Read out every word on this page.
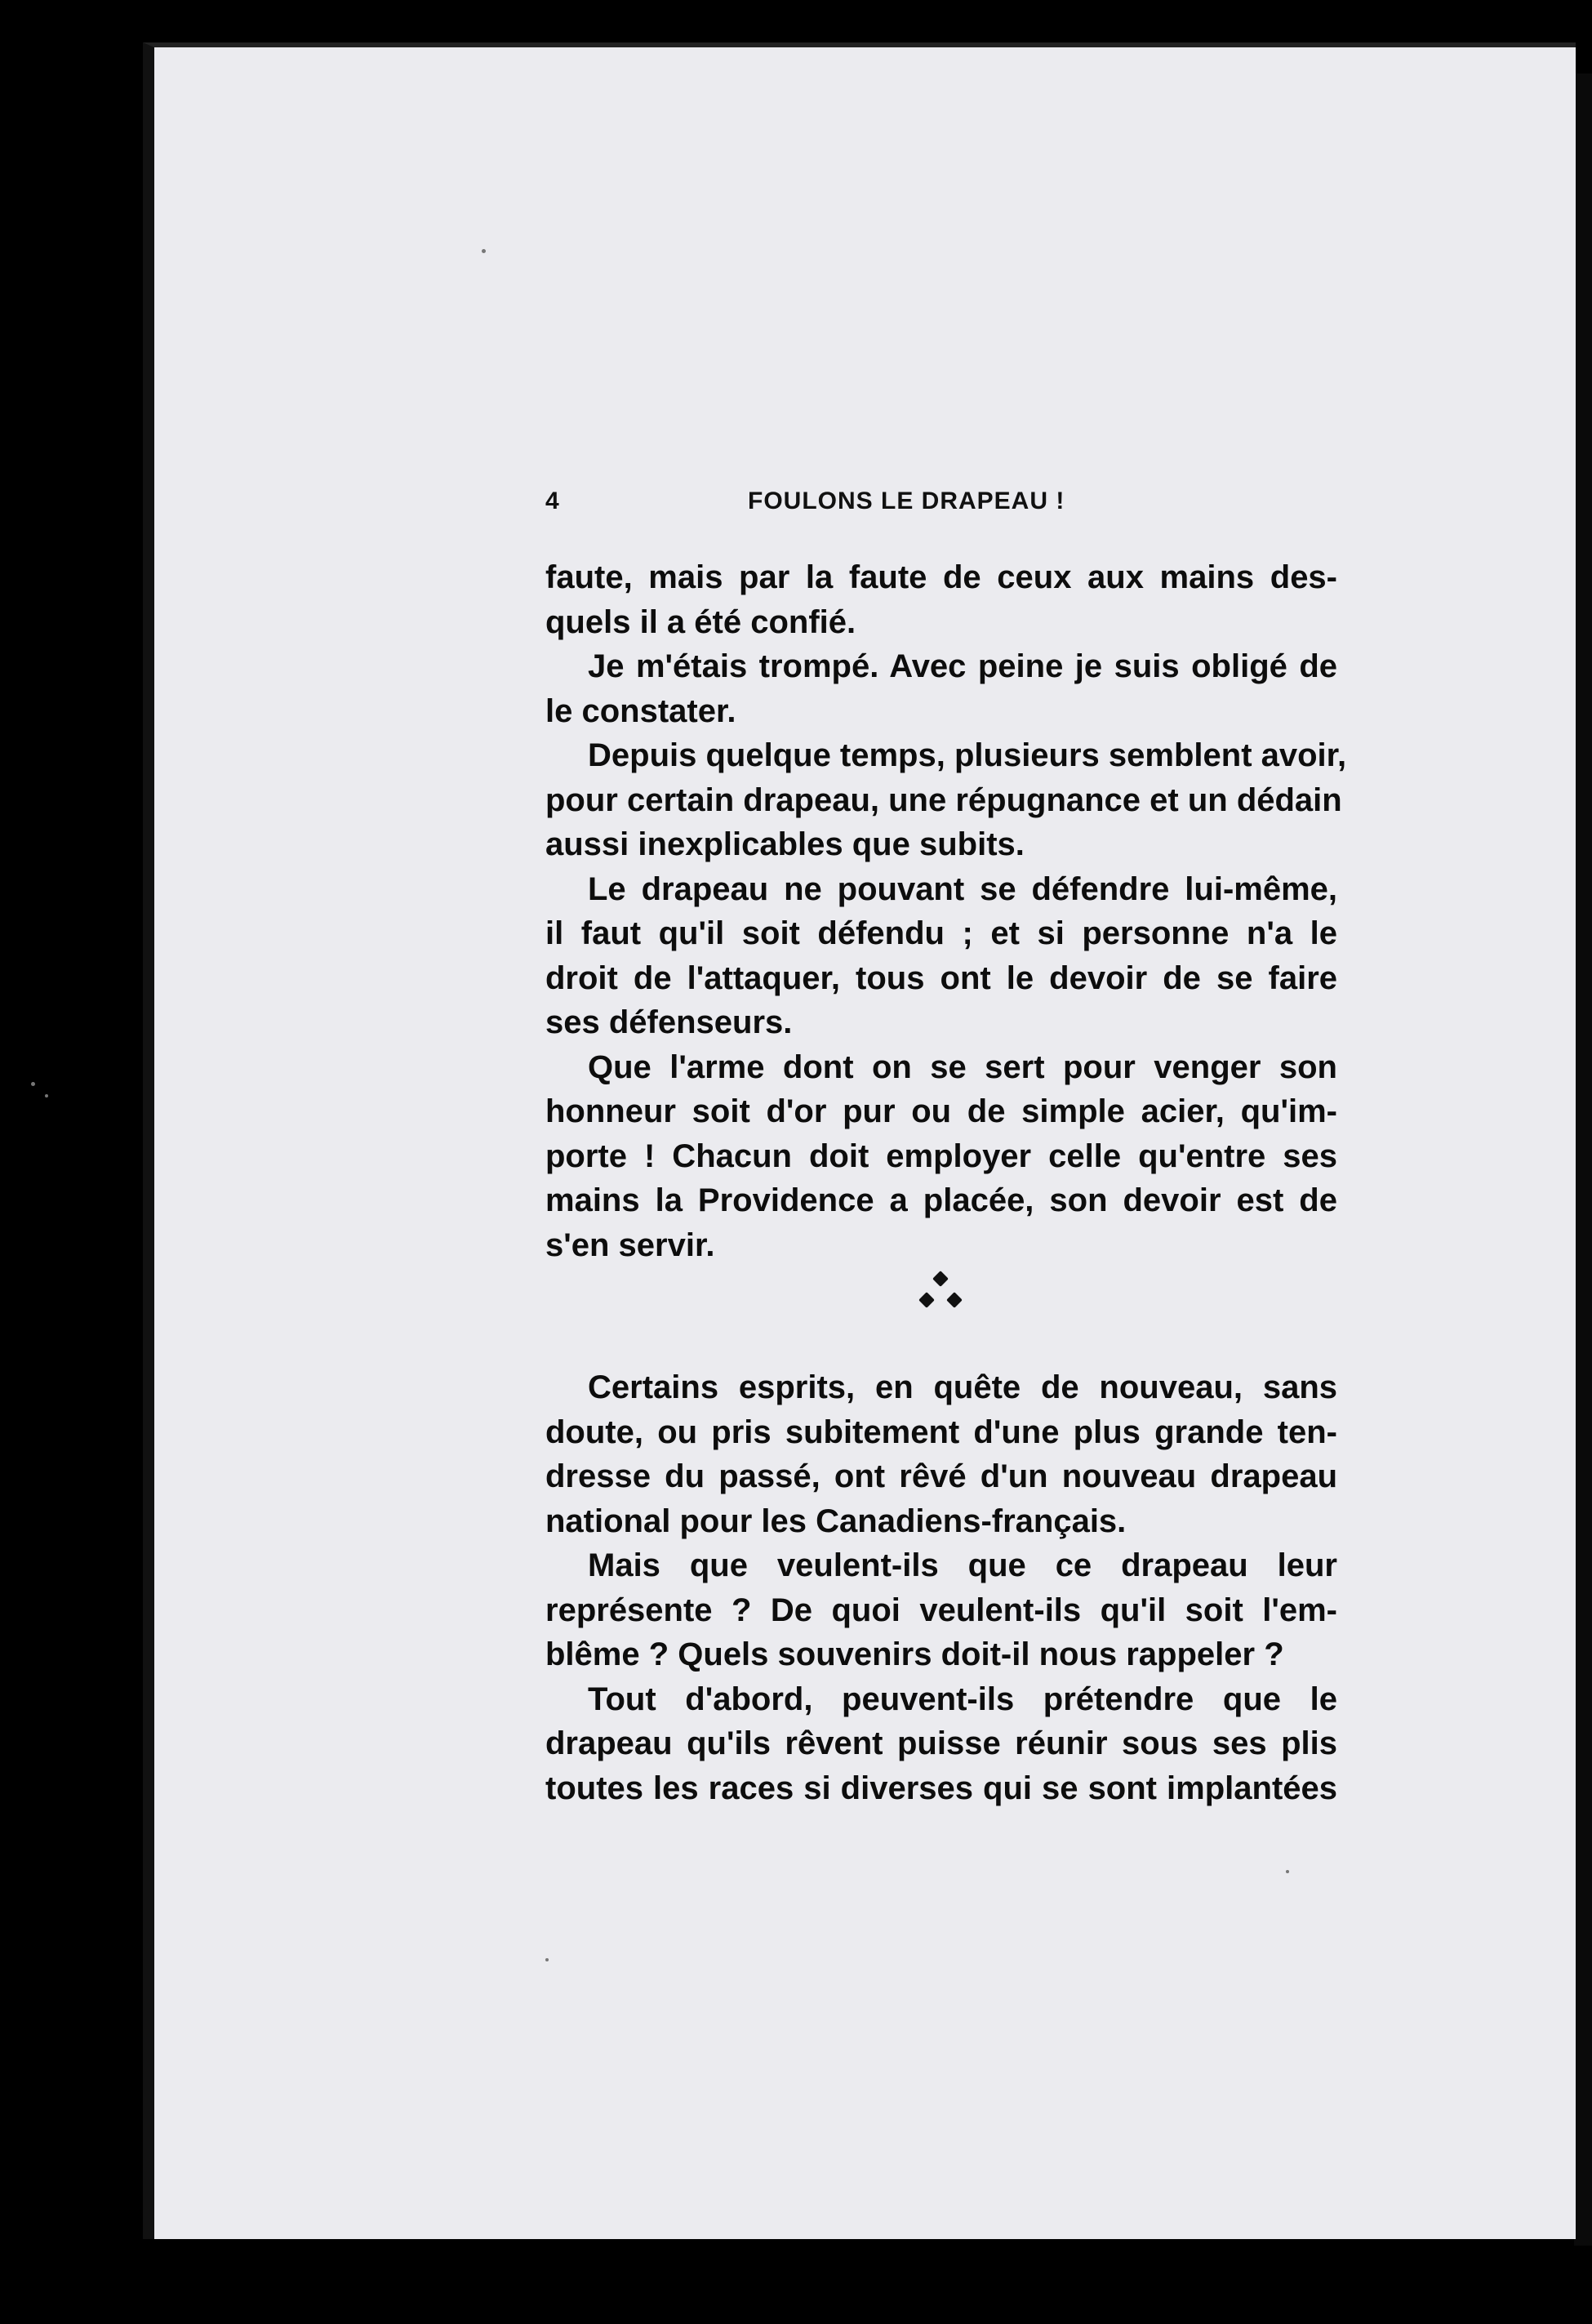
4	FOULONS LE DRAPEAU !
faute, mais par la faute de ceux aux mains des-
quels il a été confié.
Je m'étais trompé. Avec peine je suis obligé de
le constater.
Depuis quelque temps, plusieurs semblent avoir,
pour certain drapeau, une répugnance et un dédain
aussi inexplicables que subits.
Le drapeau ne pouvant se défendre lui-même,
il faut qu'il soit défendu ; et si personne n'a le
droit de l'attaquer, tous ont le devoir de se faire
ses défenseurs.
Que l'arme dont on se sert pour venger son
honneur soit d'or pur ou de simple acier, qu'im-
porte ! Chacun doit employer celle qu'entre ses
mains la Providence a placée, son devoir est de
s'en servir.
Certains esprits, en quête de nouveau, sans
doute, ou pris subitement d'une plus grande ten-
dresse du passé, ont rêvé d'un nouveau drapeau
national pour les Canadiens-français.
Mais que veulent-ils que ce drapeau leur
représente ? De quoi veulent-ils qu'il soit l'em-
blême ? Quels souvenirs doit-il nous rappeler ?
Tout d'abord, peuvent-ils prétendre que le
drapeau qu'ils rêvent puisse réunir sous ses plis
toutes les races si diverses qui se sont implantées
